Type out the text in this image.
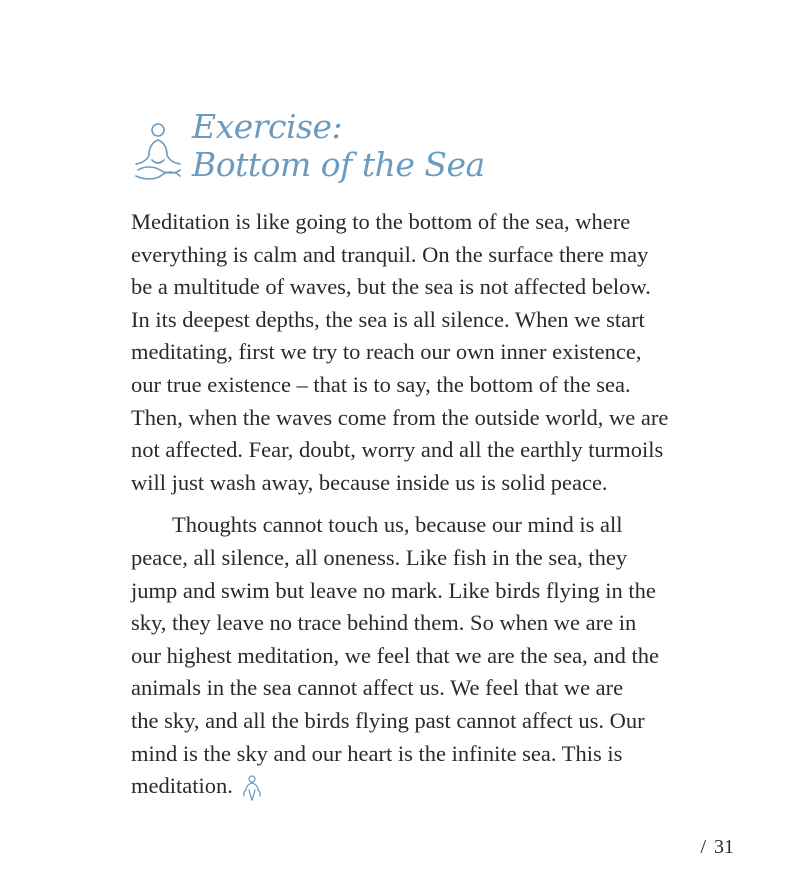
Exercise:
Bottom of the Sea

Meditation is like going to the bottom of the sea, where
everything is calm and tranquil. On the surface there may
be a multitude of waves, but the sea is not affected below.
In its deepest depths, the sea is all silence. When we start
meditating, first we try to reach our own inner existence,
our true existence – that is to say, the bottom of the sea.
Then, when the waves come from the outside world, we are
not affected. Fear, doubt, worry and all the earthly turmoils
will just wash away, because inside us is solid peace.

Thoughts cannot touch us, because our mind is all
peace, all silence, all oneness. Like fish in the sea, they
jump and swim but leave no mark. Like birds flying in the
sky, they leave no trace behind them. So when we are in
our highest meditation, we feel that we are the sea, and the
animals in the sea cannot affect us. We feel that we are
the sky, and all the birds flying past cannot affect us. Our
mind is the sky and our heart is the infinite sea. This is
meditation.

/ 31
